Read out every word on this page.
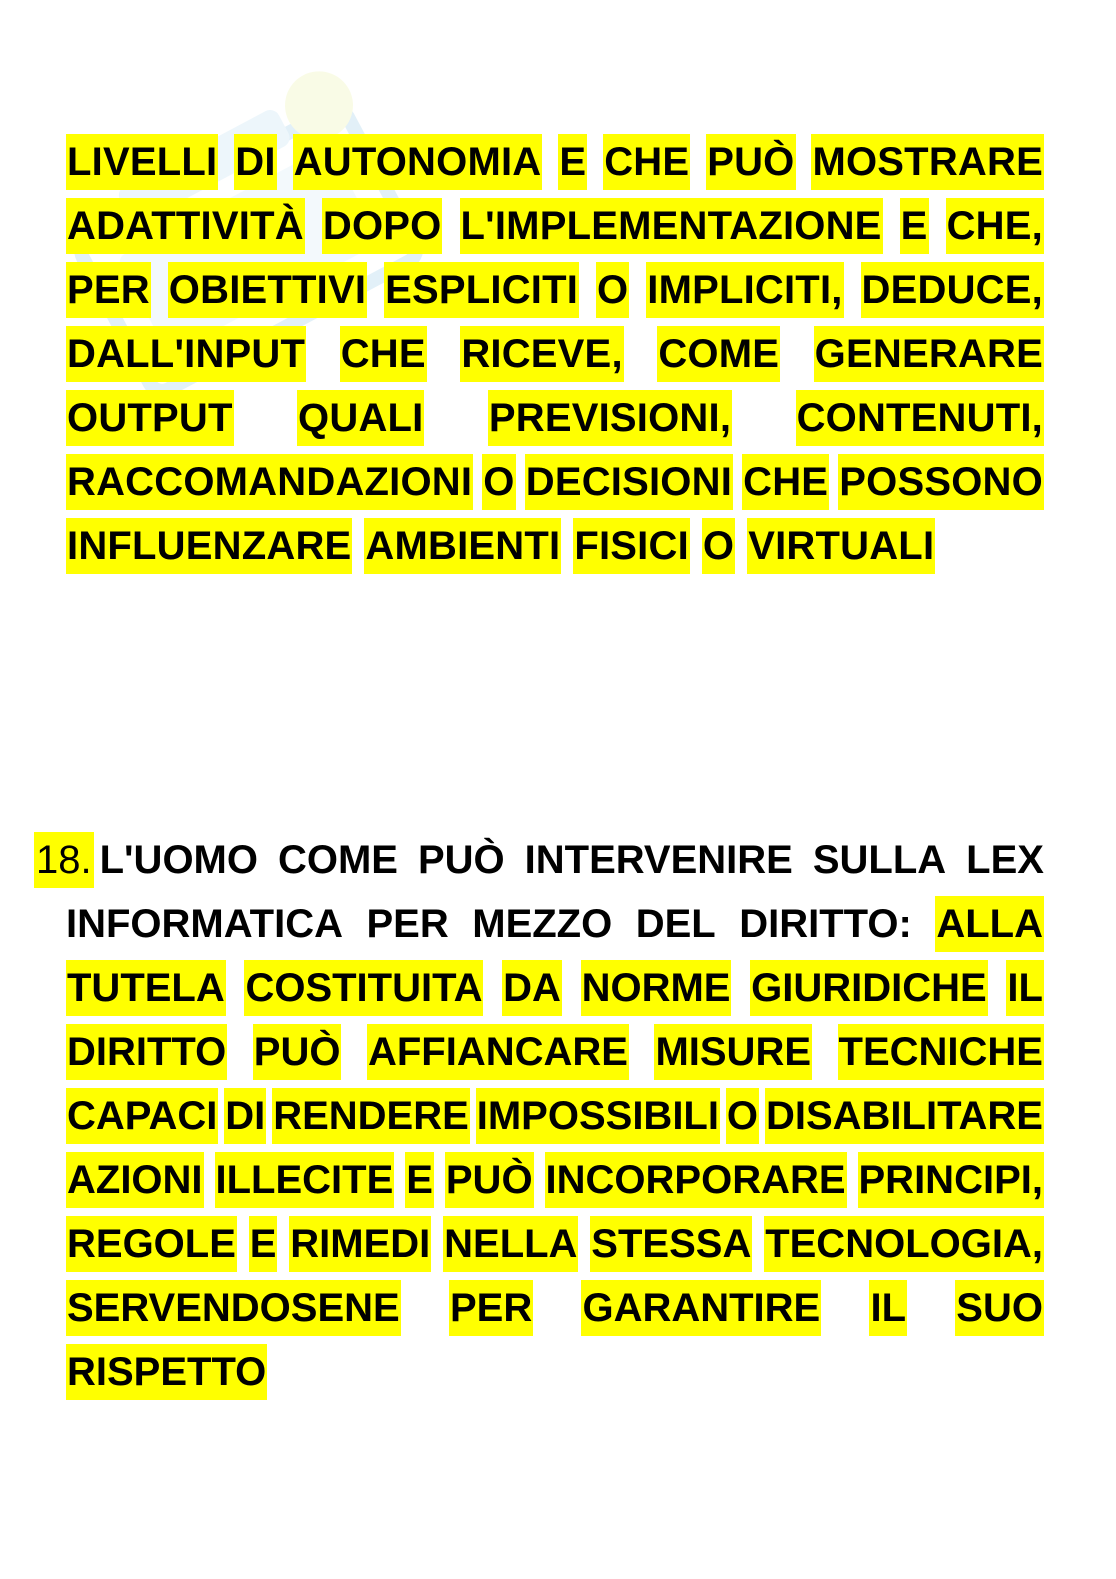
LIVELLI DI AUTONOMIA E CHE PUÒ MOSTRARE
ADATTIVITÀ DOPO L'IMPLEMENTAZIONE E CHE,
PER OBIETTIVI ESPLICITI O IMPLICITI, DEDUCE,
DALL'INPUT CHE RICEVE, COME GENERARE
OUTPUT QUALI PREVISIONI, CONTENUTI,
RACCOMANDAZIONI O DECISIONI CHE POSSONO
INFLUENZARE AMBIENTI FISICI O VIRTUALI
18. L'UOMO COME PUÒ INTERVENIRE SULLA LEX
INFORMATICA PER MEZZO DEL DIRITTO: ALLA
TUTELA COSTITUITA DA NORME GIURIDICHE IL
DIRITTO PUÒ AFFIANCARE MISURE TECNICHE
CAPACI DI RENDERE IMPOSSIBILI O DISABILITARE
AZIONI ILLECITE E PUÒ INCORPORARE PRINCIPI,
REGOLE E RIMEDI NELLA STESSA TECNOLOGIA,
SERVENDOSENE PER GARANTIRE IL SUO
RISPETTO
